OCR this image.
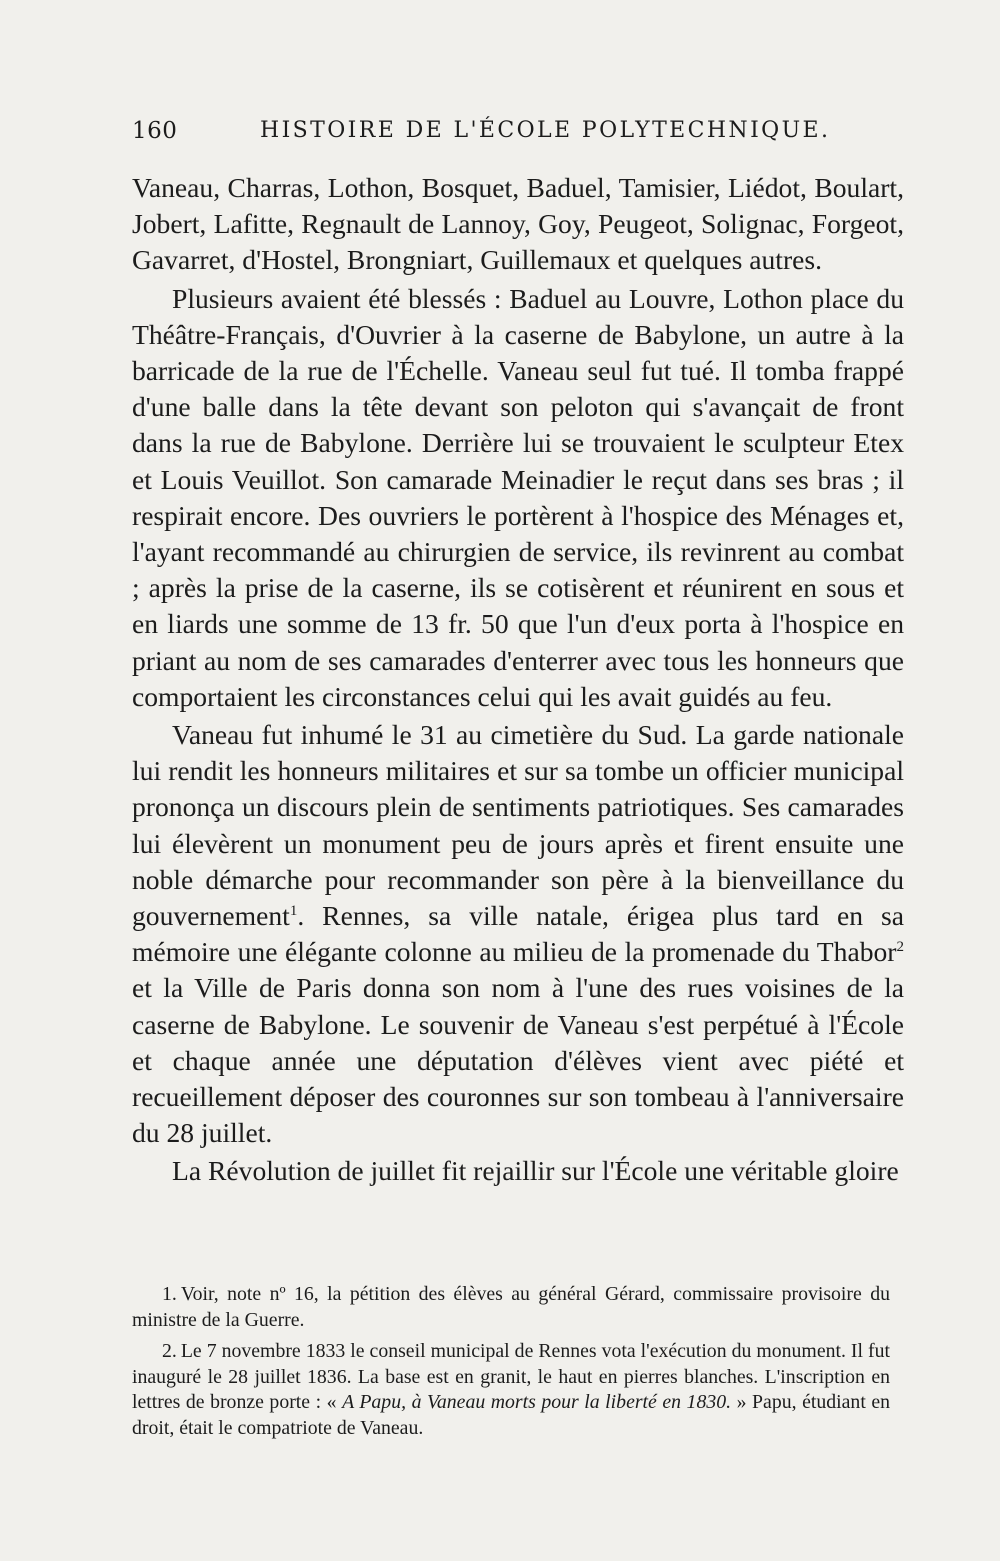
160	HISTOIRE DE L'ÉCOLE POLYTECHNIQUE.

Vaneau, Charras, Lothon, Bosquet, Baduel, Tamisier, Liédot, Boulart, Jobert, Lafitte, Regnault de Lannoy, Goy, Peugeot, Solignac, Forgeot, Gavarret, d'Hostel, Brongniart, Guillemaux et quelques autres.

Plusieurs avaient été blessés : Baduel au Louvre, Lothon place du Théâtre-Français, d'Ouvrier à la caserne de Babylone, un autre à la barricade de la rue de l'Échelle. Vaneau seul fut tué. Il tomba frappé d'une balle dans la tête devant son peloton qui s'avançait de front dans la rue de Babylone. Derrière lui se trouvaient le sculpteur Etex et Louis Veuillot. Son camarade Meinadier le reçut dans ses bras ; il respirait encore. Des ouvriers le portèrent à l'hospice des Ménages et, l'ayant recommandé au chirurgien de service, ils revinrent au combat ; après la prise de la caserne, ils se cotisèrent et réunirent en sous et en liards une somme de 13 fr. 50 que l'un d'eux porta à l'hospice en priant au nom de ses camarades d'enterrer avec tous les honneurs que comportaient les circonstances celui qui les avait guidés au feu.

Vaneau fut inhumé le 31 au cimetière du Sud. La garde nationale lui rendit les honneurs militaires et sur sa tombe un officier municipal prononça un discours plein de sentiments patriotiques. Ses camarades lui élevèrent un monument peu de jours après et firent ensuite une noble démarche pour recommander son père à la bienveillance du gouvernement$^1$. Rennes, sa ville natale, érigea plus tard en sa mémoire une élégante colonne au milieu de la promenade du Thabor$^2$ et la Ville de Paris donna son nom à l'une des rues voisines de la caserne de Babylone. Le souvenir de Vaneau s'est perpétué à l'École et chaque année une députation d'élèves vient avec piété et recueillement déposer des couronnes sur son tombeau à l'anniversaire du 28 juillet.

La Révolution de juillet fit rejaillir sur l'École une véritable gloire

1. Voir, note nº 16, la pétition des élèves au général Gérard, commissaire provisoire du ministre de la Guerre.

2. Le 7 novembre 1833 le conseil municipal de Rennes vota l'exécution du monument. Il fut inauguré le 28 juillet 1836. La base est en granit, le haut en pierres blanches. L'inscription en lettres de bronze porte : « A Papu, à Vaneau morts pour la liberté en 1830. » Papu, étudiant en droit, était le compatriote de Vaneau.
